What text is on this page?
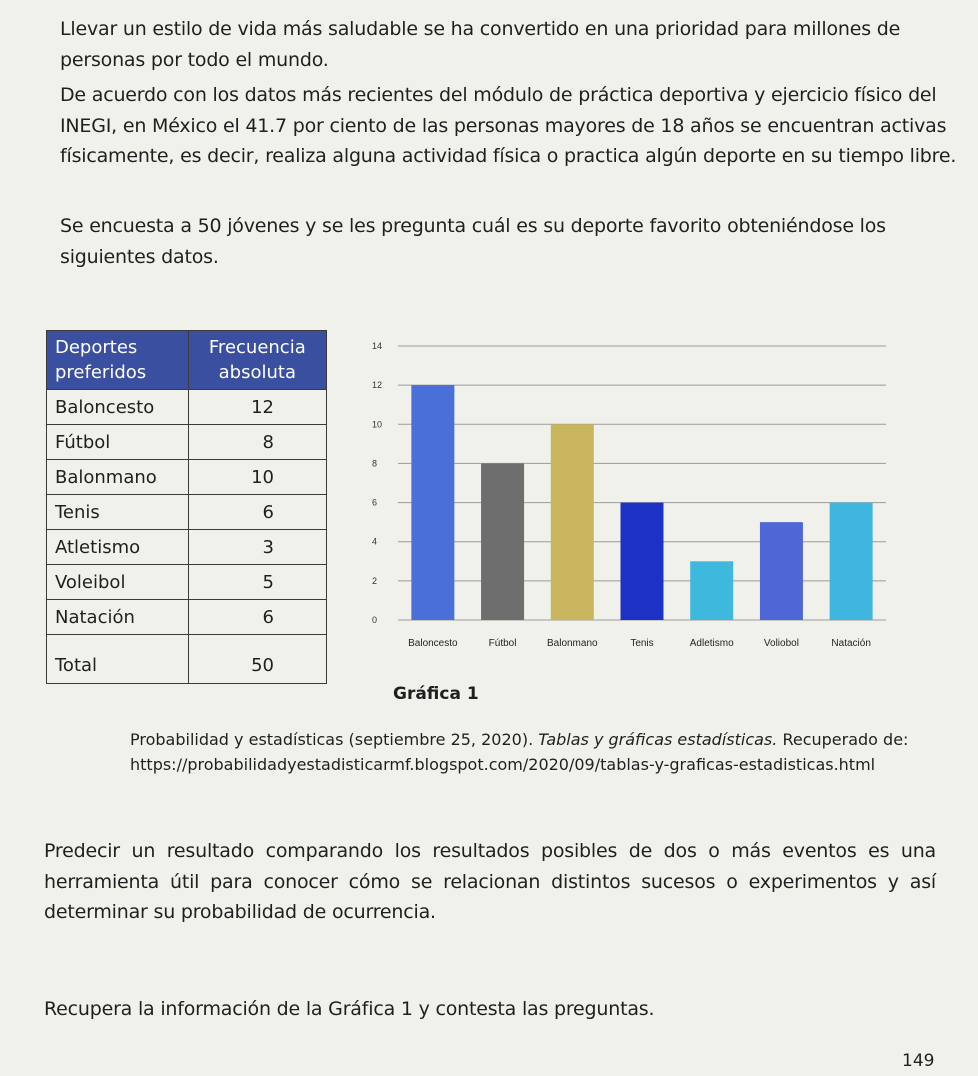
Llevar un estilo de vida más saludable se ha convertido en una prioridad para millones de personas por todo el mundo.

De acuerdo con los datos más recientes del módulo de práctica deportiva y ejercicio físico del INEGI, en México el 41.7 por ciento de las personas mayores de 18 años se encuentran activas físicamente, es decir, realiza alguna actividad física o practica algún deporte en su tiempo libre.

Se encuesta a 50 jóvenes y se les pregunta cuál es su deporte favorito obteniéndose los siguientes datos.

Deportes preferidos	Frecuencia absoluta
Baloncesto	12
Fútbol	8
Balonmano	10
Tenis	6
Atletismo	3
Voleibol	5
Natación	6

Total	50
0
2
4
6
8
10
12
14
Baloncesto	Fútbol	Balonmano	Tenis	Adletismo	Voliobol	Natación
Gráfica 1

Probabilidad y estadísticas (septiembre 25, 2020). Tablas y gráficas estadísticas. Recuperado de:
https://probabilidadyestadisticarmf.blogspot.com/2020/09/tablas-y-graficas-estadisticas.html

Predecir un resultado comparando los resultados posibles de dos o más eventos es una herramienta útil para conocer cómo se relacionan distintos sucesos o experimentos y así determinar su probabilidad de ocurrencia.

Recupera la información de la Gráfica 1 y contesta las preguntas.

149
